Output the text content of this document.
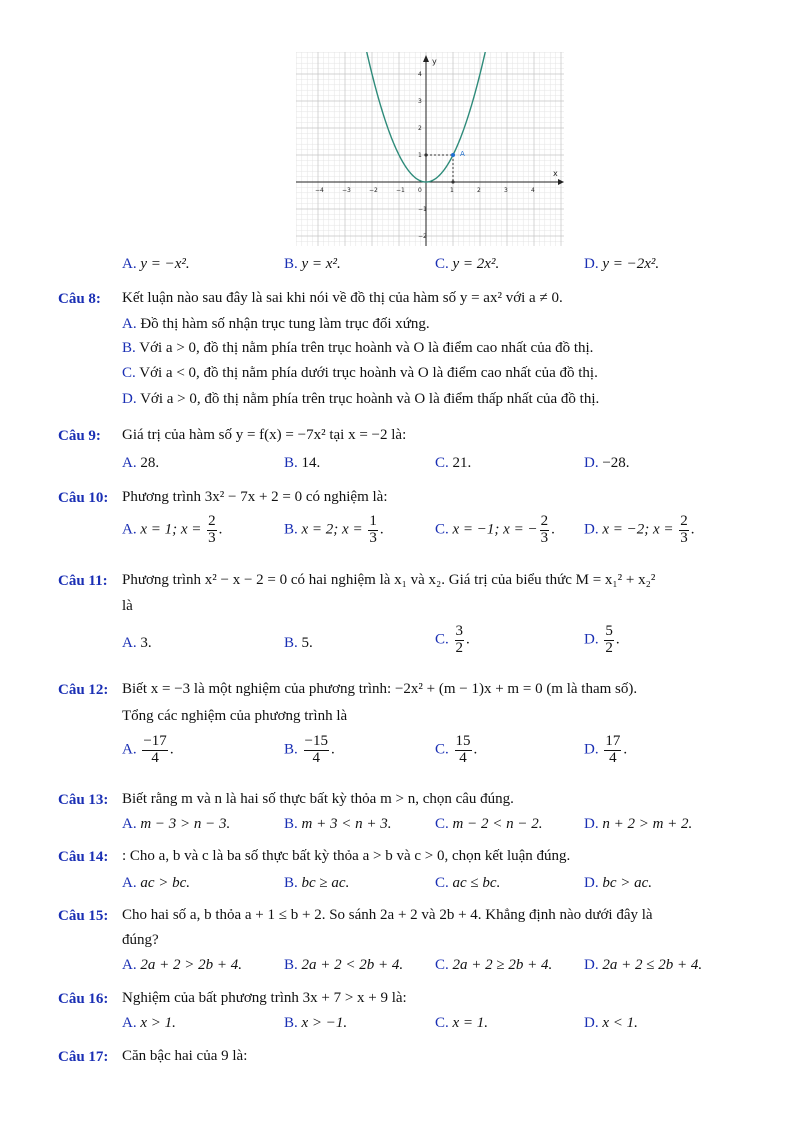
y
x
−4	−3	−2	−1	1	2	3	4
4
3
2
1
−1
−2
0
A
A. y = −x².	B. y = x².	C. y = 2x².	D. y = −2x².
Câu 8: Kết luận nào sau đây là sai khi nói về đồ thị của hàm số y = ax² với a ≠ 0.
A. Đồ thị hàm số nhận trục tung làm trục đối xứng.
B. Với a > 0, đồ thị nằm phía trên trục hoành và O là điểm cao nhất của đồ thị.
C. Với a < 0, đồ thị nằm phía dưới trục hoành và O là điểm cao nhất của đồ thị.
D. Với a > 0, đồ thị nằm phía trên trục hoành và O là điểm thấp nhất của đồ thị.
Câu 9: Giá trị của hàm số y = f(x) = −7x² tại x = −2 là:
A. 28.	B. 14.	C. 21.	D. −28.
Câu 10: Phương trình 3x² − 7x + 2 = 0 có nghiệm là:
A. x = 1; $x = \frac{2}{3}$ .	B. x = 2; $x = \frac{1}{3}$ .	C. x = −1; x = − $\frac{2}{3}$ . D. x = −2; $x = \frac{2}{3}$ .
Câu 11: Phương trình x² − x − 2 = 0 có hai nghiệm là x₁ và x₂. Giá trị của biểu thức M = x₁² + x₂²
là
A. 3.	B. 5.	C. $\frac{3}{2}$ .	D. $\frac{5}{2}$ .
Câu 12: Biết x = −3 là một nghiệm của phương trình: −2x² + (m − 1)x + m = 0 (m là tham số).
Tổng các nghiệm của phương trình là
A. $\frac{-17}{4}$ .	B. $\frac{-15}{4}$ .	C. $\frac{15}{4}$ .	D. $\frac{17}{4}$ .
Câu 13: Biết rằng m và n là hai số thực bất kỳ thỏa m > n, chọn câu đúng.
A. m − 3 > n − 3.	B. m + 3 < n + 3.	C. m − 2 < n − 2.	D. n + 2 > m + 2.
Câu 14: : Cho a, b và c là ba số thực bất kỳ thỏa a > b và c > 0, chọn kết luận đúng.
A. ac > bc.	B. bc ≥ ac.	C. ac ≤ bc.	D. bc > ac.
Câu 15: Cho hai số a, b thỏa a + 1 ≤ b + 2. So sánh 2a + 2 và 2b + 4. Khẳng định nào dưới đây là
đúng?
A. 2a + 2 > 2b + 4.	B. 2a + 2 < 2b + 4. C. 2a + 2 ≥ 2b + 4. D. 2a + 2 ≤ 2b + 4.
Câu 16: Nghiệm của bất phương trình 3x + 7 > x + 9 là:
A. x > 1.	B. x > −1.	C. x = 1.	D. x < 1.
Câu 17: Căn bậc hai của 9 là:
